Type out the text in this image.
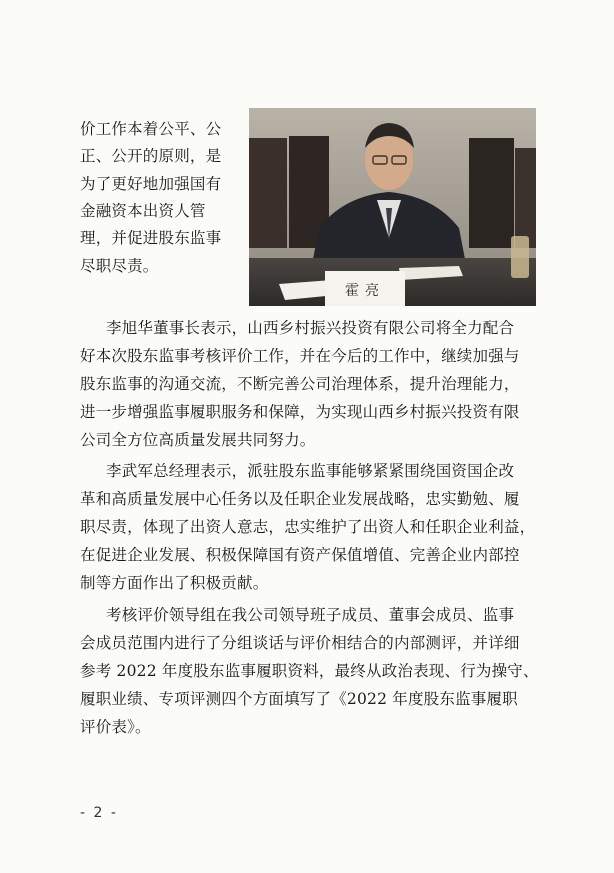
价工作本着公平、公
正、公开的原则，是
为了更好地加强国有
金融资本出资人管
理，并促进股东监事
尽职尽责。
霍亮
李旭华董事长表示，山西乡村振兴投资有限公司将全力配合
好本次股东监事考核评价工作，并在今后的工作中，继续加强与
股东监事的沟通交流，不断完善公司治理体系，提升治理能力，
进一步增强监事履职服务和保障，为实现山西乡村振兴投资有限
公司全方位高质量发展共同努力。
李武军总经理表示，派驻股东监事能够紧紧围绕国资国企改
革和高质量发展中心任务以及任职企业发展战略，忠实勤勉、履
职尽责，体现了出资人意志，忠实维护了出资人和任职企业利益，
在促进企业发展、积极保障国有资产保值增值、完善企业内部控
制等方面作出了积极贡献。
考核评价领导组在我公司领导班子成员、董事会成员、监事
会成员范围内进行了分组谈话与评价相结合的内部测评，并详细
参考 2022 年度股东监事履职资料，最终从政治表现、行为操守、
履职业绩、专项评测四个方面填写了《2022 年度股东监事履职
评价表》。
- 2 -
